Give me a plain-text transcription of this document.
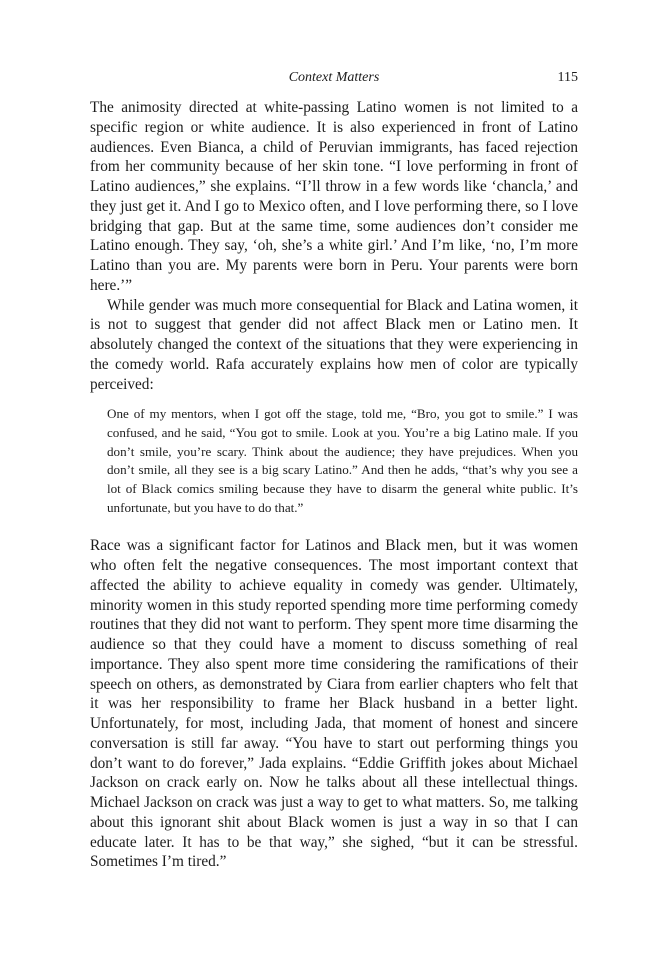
Context Matters	115

The animosity directed at white-passing Latino women is not limited to a specific region or white audience. It is also experienced in front of Latino audiences. Even Bianca, a child of Peruvian immigrants, has faced rejection from her community because of her skin tone. “I love performing in front of Latino audiences,” she explains. “I’ll throw in a few words like ‘chancla,’ and they just get it. And I go to Mexico often, and I love performing there, so I love bridging that gap. But at the same time, some audiences don’t consider me Latino enough. They say, ‘oh, she’s a white girl.’ And I’m like, ‘no, I’m more Latino than you are. My parents were born in Peru. Your parents were born here.’”

While gender was much more consequential for Black and Latina women, it is not to suggest that gender did not affect Black men or Latino men. It absolutely changed the context of the situations that they were experiencing in the comedy world. Rafa accurately explains how men of color are typically perceived:

One of my mentors, when I got off the stage, told me, “Bro, you got to smile.” I was confused, and he said, “You got to smile. Look at you. You’re a big Latino male. If you don’t smile, you’re scary. Think about the audience; they have prejudices. When you don’t smile, all they see is a big scary Latino.” And then he adds, “that’s why you see a lot of Black comics smiling because they have to disarm the general white public. It’s unfortunate, but you have to do that.”

Race was a significant factor for Latinos and Black men, but it was women who often felt the negative consequences. The most important context that affected the ability to achieve equality in comedy was gender. Ultimately, minority women in this study reported spending more time performing comedy routines that they did not want to perform. They spent more time disarming the audience so that they could have a moment to discuss something of real importance. They also spent more time considering the ramifications of their speech on others, as demonstrated by Ciara from earlier chapters who felt that it was her responsibility to frame her Black husband in a better light. Unfortunately, for most, including Jada, that moment of honest and sincere conversation is still far away. “You have to start out performing things you don’t want to do forever,” Jada explains. “Eddie Griffith jokes about Michael Jackson on crack early on. Now he talks about all these intellectual things. Michael Jackson on crack was just a way to get to what matters. So, me talking about this ignorant shit about Black women is just a way in so that I can educate later. It has to be that way,” she sighed, “but it can be stressful. Sometimes I’m tired.”
